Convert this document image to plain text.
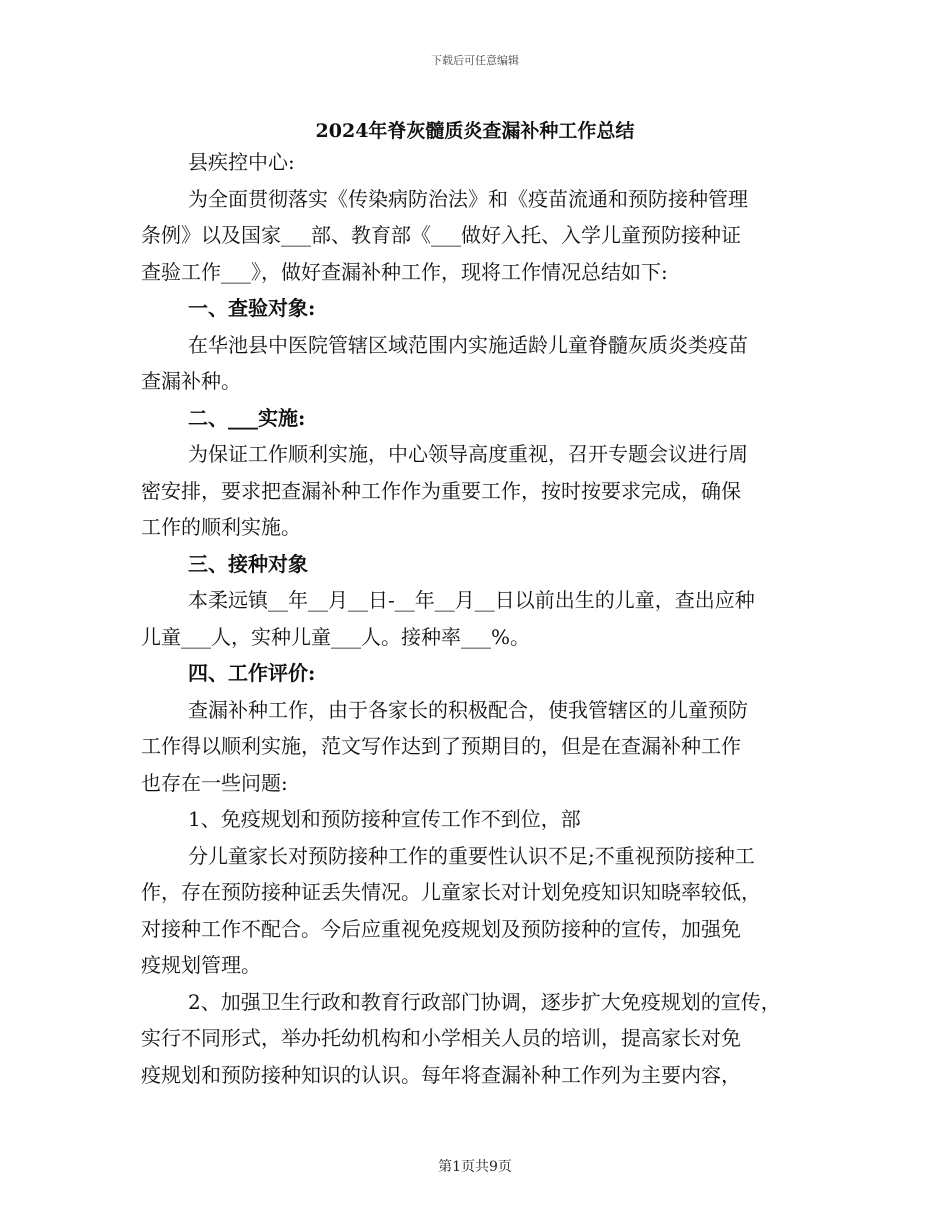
下载后可任意编辑
2024年脊灰髓质炎查漏补种工作总结
县疾控中心:
为全面贯彻落实《传染病防治法》和《疫苗流通和预防接种管理
条例》以及国家___部、教育部《___做好入托、入学儿童预防接种证
查验工作___》，做好查漏补种工作，现将工作情况总结如下:
一、查验对象:
在华池县中医院管辖区域范围内实施适龄儿童脊髓灰质炎类疫苗
查漏补种。
二、___实施:
为保证工作顺利实施，中心领导高度重视，召开专题会议进行周
密安排，要求把查漏补种工作作为重要工作，按时按要求完成，确保
工作的顺利实施。
三、接种对象
本柔远镇__年__月__日-__年__月__日以前出生的儿童，查出应种
儿童___人，实种儿童___人。接种率___%。
四、工作评价:
查漏补种工作，由于各家长的积极配合，使我管辖区的儿童预防
工作得以顺利实施，范文写作达到了预期目的，但是在查漏补种工作
也存在一些问题:
1、免疫规划和预防接种宣传工作不到位，部
分儿童家长对预防接种工作的重要性认识不足;不重视预防接种工
作，存在预防接种证丢失情况。儿童家长对计划免疫知识知晓率较低，
对接种工作不配合。今后应重视免疫规划及预防接种的宣传，加强免
疫规划管理。
2、加强卫生行政和教育行政部门协调，逐步扩大免疫规划的宣传，
实行不同形式，举办托幼机构和小学相关人员的培训，提高家长对免
疫规划和预防接种知识的认识。每年将查漏补种工作列为主要内容，
第1页共9页
